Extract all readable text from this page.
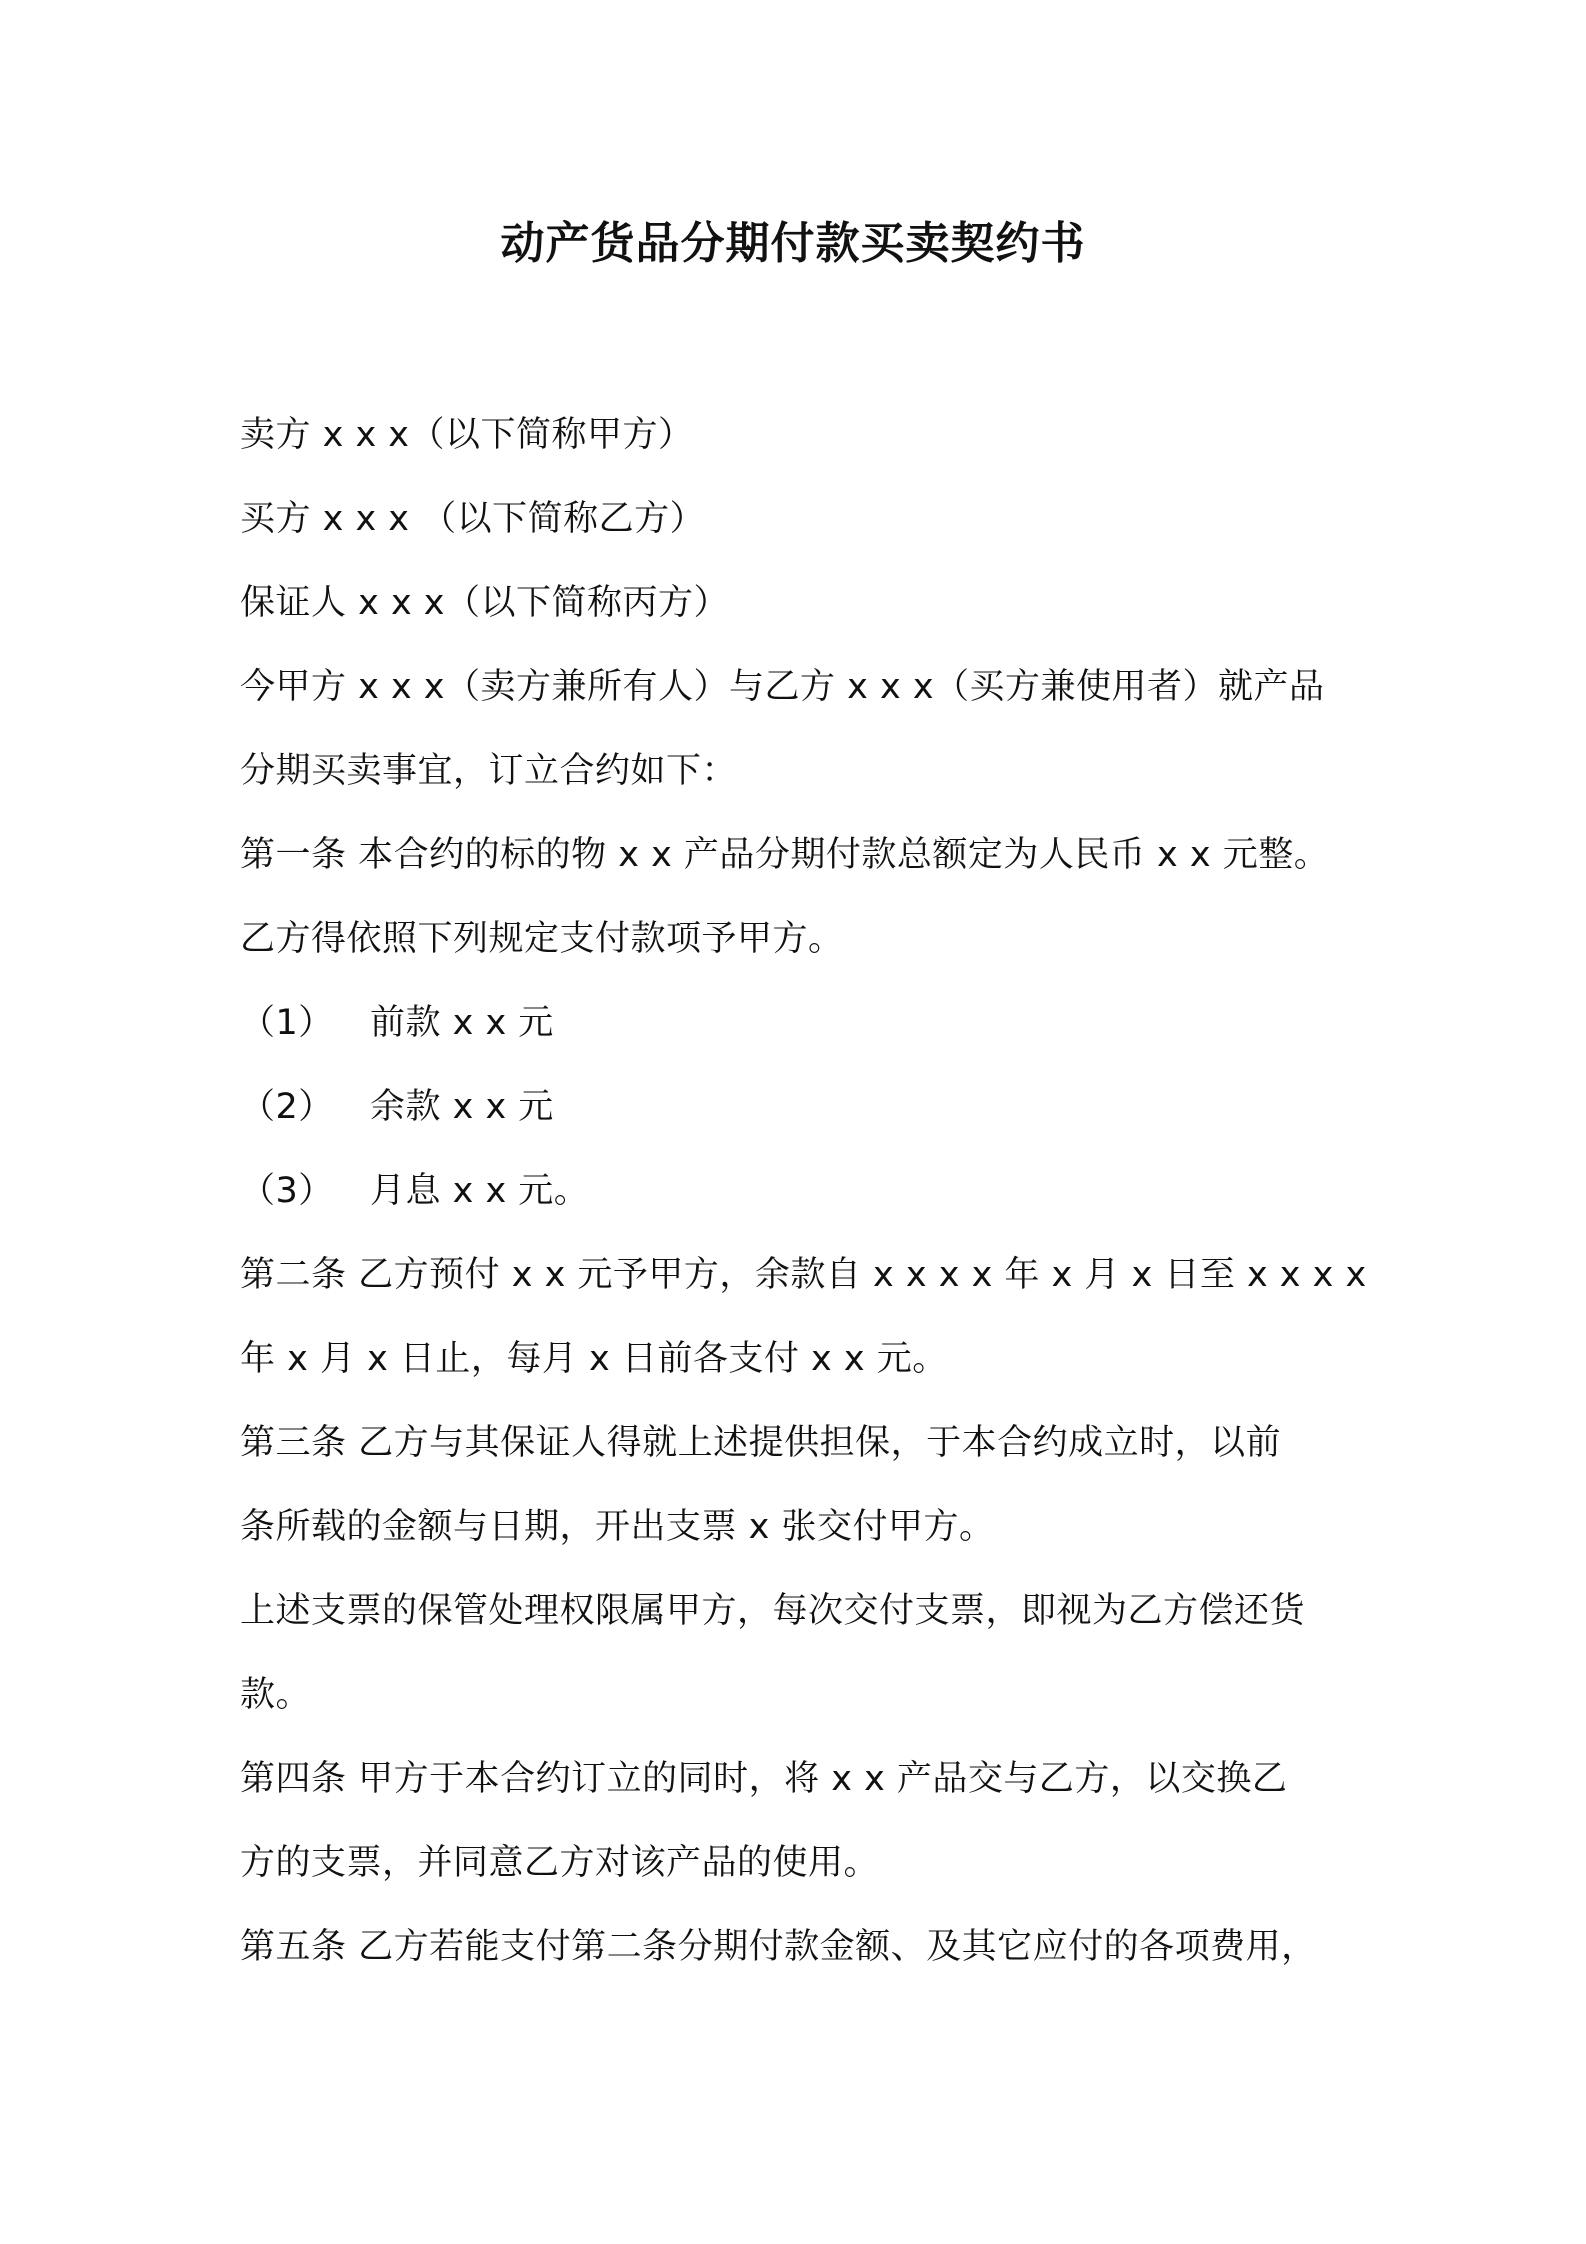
动产货品分期付款买卖契约书
卖方 x x x（以下简称甲方）
买方 x x x （以下简称乙方）
保证人 x x x（以下简称丙方）
今甲方 x x x（卖方兼所有人）与乙方 x x x（买方兼使用者）就产品
分期买卖事宜，订立合约如下：
第一条 本合约的标的物 x x 产品分期付款总额定为人民币 x x 元整。
乙方得依照下列规定支付款项予甲方。
（1） 前款 x x 元
（2） 余款 x x 元
（3） 月息 x x 元。
第二条 乙方预付 x x 元予甲方，余款自 x x x x 年 x 月 x 日至 x x x x
年 x 月 x 日止，每月 x 日前各支付 x x 元。
第三条 乙方与其保证人得就上述提供担保，于本合约成立时，以前
条所载的金额与日期，开出支票 x 张交付甲方。
上述支票的保管处理权限属甲方，每次交付支票，即视为乙方偿还货
款。
第四条 甲方于本合约订立的同时，将 x x 产品交与乙方，以交换乙
方的支票，并同意乙方对该产品的使用。
第五条 乙方若能支付第二条分期付款金额、及其它应付的各项费用，
